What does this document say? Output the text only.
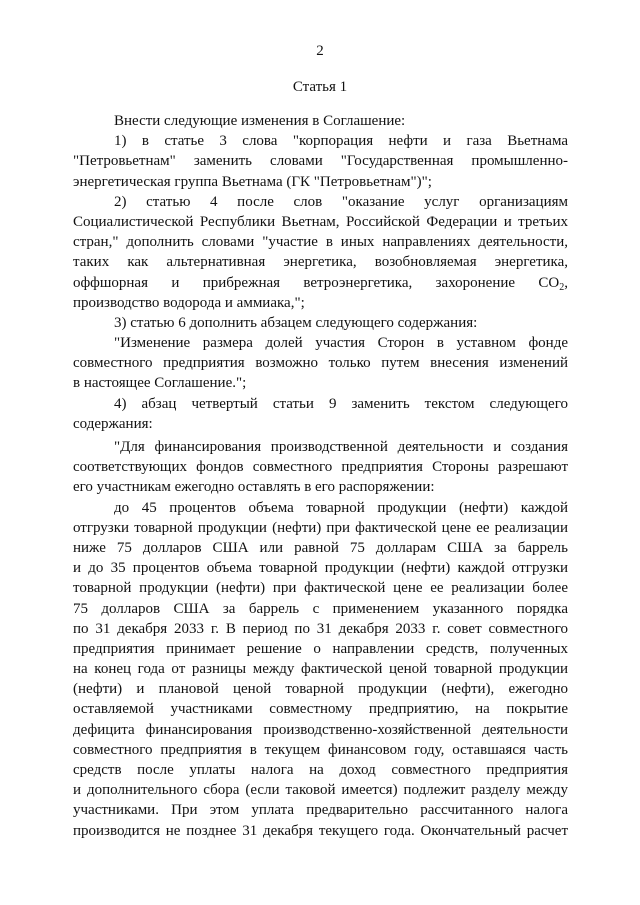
2
Статья 1
Внести следующие изменения в Соглашение:
1) в статье 3 слова "корпорация нефти и газа Вьетнама
"Петровьетнам" заменить словами "Государственная промышленно-
энергетическая группа Вьетнама (ГК "Петровьетнам")";
2) статью 4 после слов "оказание услуг организациям
Социалистической Республики Вьетнам, Российской Федерации и третьих
стран," дополнить словами "участие в иных направлениях деятельности,
таких как альтернативная энергетика, возобновляемая энергетика,
оффшорная и прибрежная ветроэнергетика, захоронение $CO_2$,
производство водорода и аммиака,";
3) статью 6 дополнить абзацем следующего содержания:
"Изменение размера долей участия Сторон в уставном фонде
совместного предприятия возможно только путем внесения изменений
в настоящее Соглашение.";
4) абзац четвертый статьи 9 заменить текстом следующего
содержания:
"Для финансирования производственной деятельности и создания
соответствующих фондов совместного предприятия Стороны разрешают
его участникам ежегодно оставлять в его распоряжении:
до 45 процентов объема товарной продукции (нефти) каждой
отгрузки товарной продукции (нефти) при фактической цене ее реализации
ниже 75 долларов США или равной 75 долларам США за баррель
и до 35 процентов объема товарной продукции (нефти) каждой отгрузки
товарной продукции (нефти) при фактической цене ее реализации более
75 долларов США за баррель с применением указанного порядка
по 31 декабря 2033 г. В период по 31 декабря 2033 г. совет совместного
предприятия принимает решение о направлении средств, полученных
на конец года от разницы между фактической ценой товарной продукции
(нефти) и плановой ценой товарной продукции (нефти), ежегодно
оставляемой участниками совместному предприятию, на покрытие
дефицита финансирования производственно-хозяйственной деятельности
совместного предприятия в текущем финансовом году, оставшаяся часть
средств после уплаты налога на доход совместного предприятия
и дополнительного сбора (если таковой имеется) подлежит разделу между
участниками. При этом уплата предварительно рассчитанного налога
производится не позднее 31 декабря текущего года. Окончательный расчет
